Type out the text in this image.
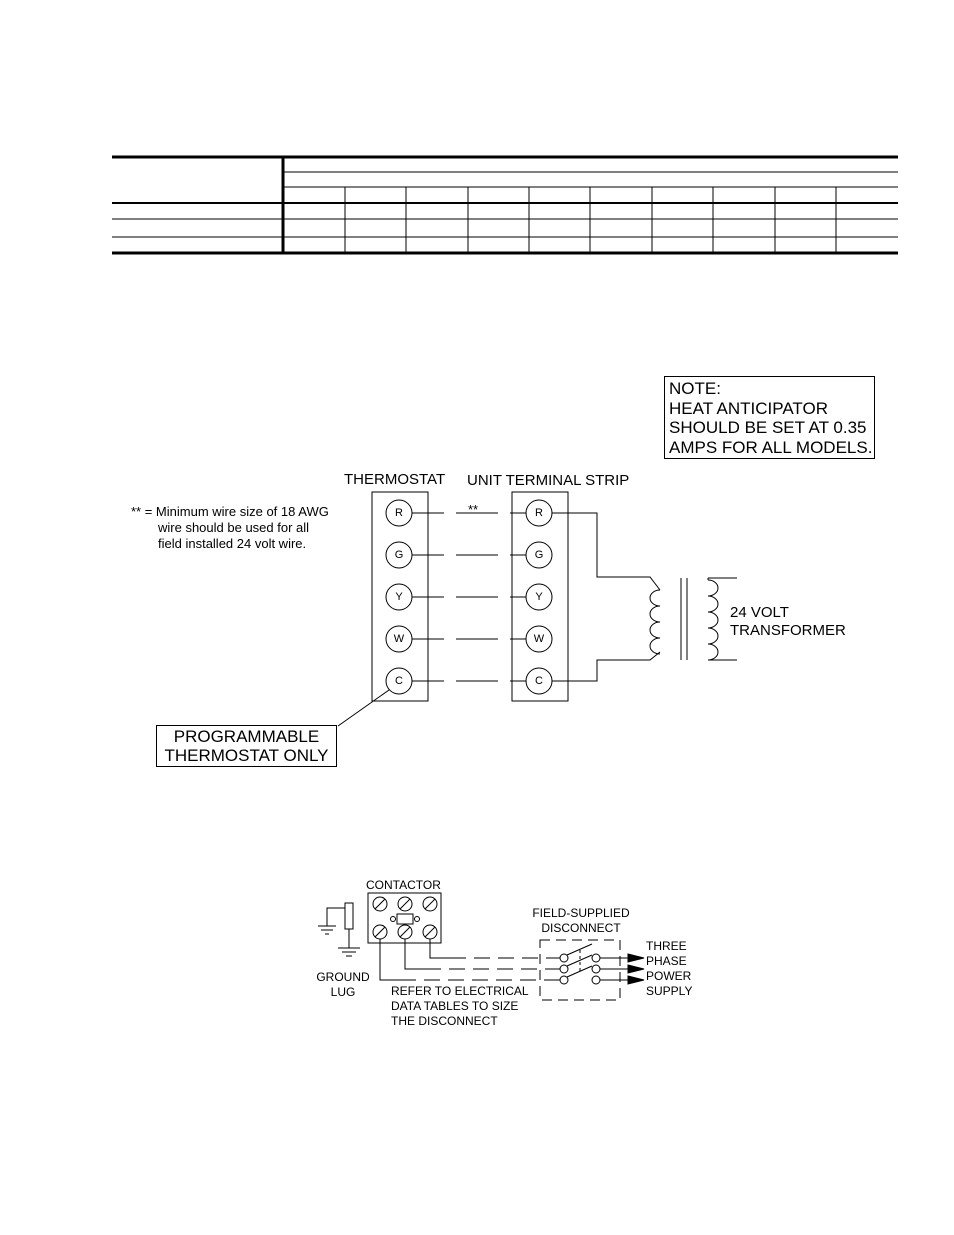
R
G
Y
W
C
R
G
Y
W
C
NOTE:
HEAT ANTICIPATOR
SHOULD BE SET AT 0.35
AMPS FOR ALL MODELS.
THERMOSTAT UNIT TERMINAL STRIP
**
** = Minimum wire size of 18 AWG
wire should be used for all
field installed 24 volt wire.
24 VOLT
TRANSFORMER
PROGRAMMABLE
THERMOSTAT ONLY
CONTACTOR
FIELD-SUPPLIED
DISCONNECT
THREE
PHASE
POWER
SUPPLY
GROUND
LUG	REFER TO ELECTRICAL
DATA TABLES TO SIZE
THE DISCONNECT
